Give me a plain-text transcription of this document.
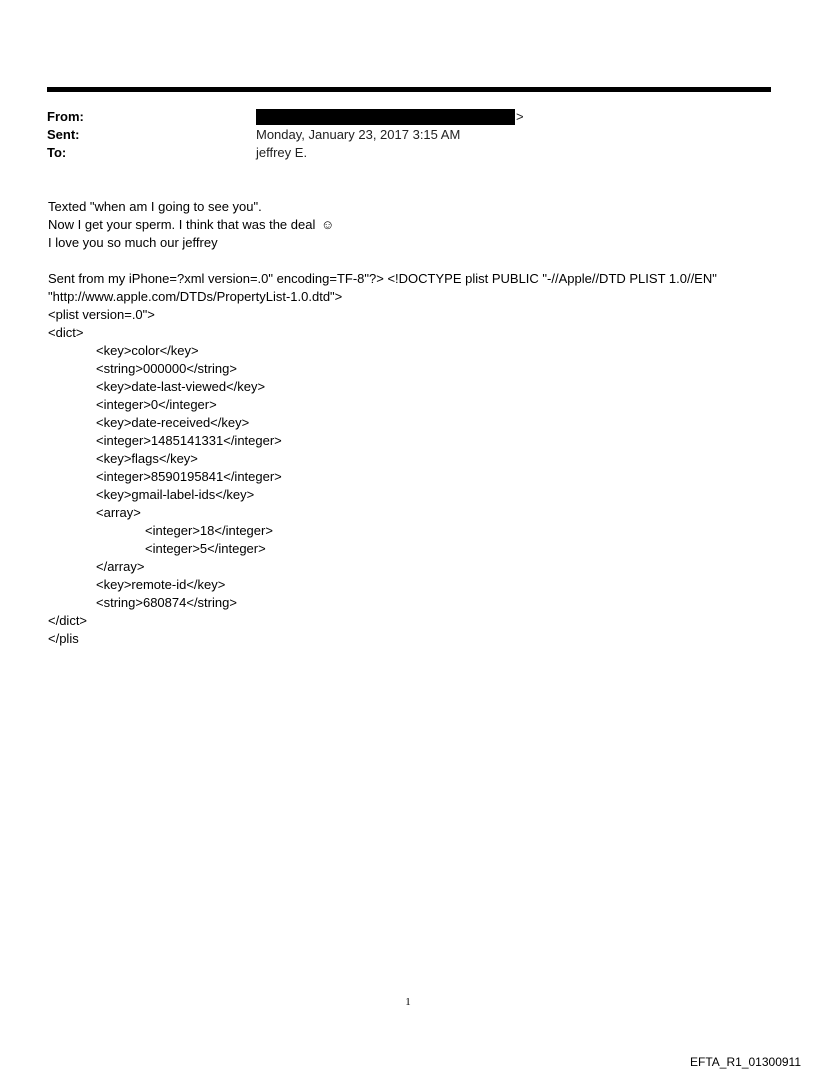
From:	>
Sent:	Monday, January 23, 2017 3:15 AM
To:	jeffrey E.
Texted "when am I going to see you".
Now I get your sperm. I think that was the deal ☺
I love you so much our jeffrey
Sent from my iPhone=?xml version=.0" encoding=TF-8"?> <!DOCTYPE plist PUBLIC "-//Apple//DTD PLIST 1.0//EN"
"http://www.apple.com/DTDs/PropertyList-1.0.dtd">
<plist version=.0">
<dict>
<key>color</key>
<string>000000</string>
<key>date-last-viewed</key>
<integer>0</integer>
<key>date-received</key>
<integer>1485141331</integer>
<key>flags</key>
<integer>8590195841</integer>
<key>gmail-label-ids</key>
<array>
<integer>18</integer>
<integer>5</integer>
</array>
<key>remote-id</key>
<string>680874</string>
</dict>
</plis
1
EFTA_R1_01300911
